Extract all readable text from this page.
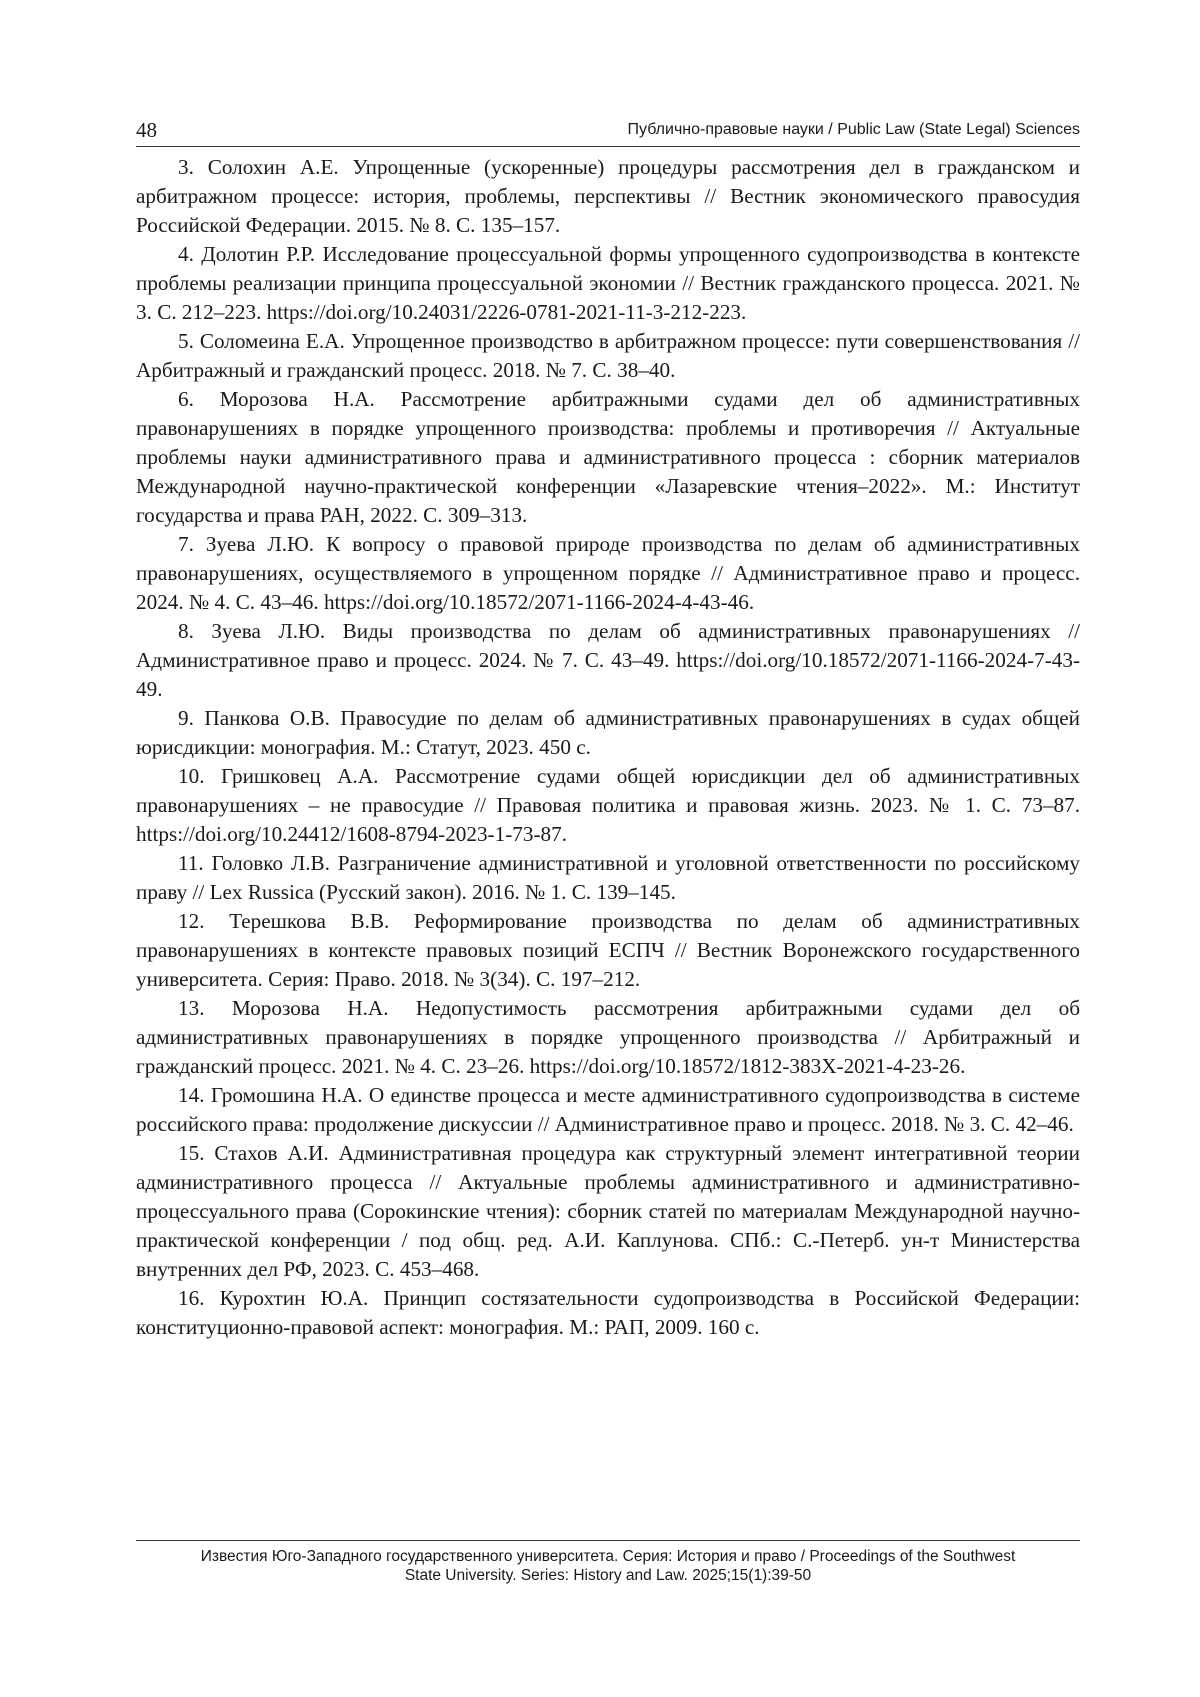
48	Публично-правовые науки / Public Law (State Legal) Sciences

3. Солохин А.Е. Упрощенные (ускоренные) процедуры рассмотрения дел в гражданском и арбитражном процессе: история, проблемы, перспективы // Вестник экономического правосудия Российской Федерации. 2015. № 8. С. 135–157.

4. Долотин Р.Р. Исследование процессуальной формы упрощенного судопроизводства в контексте проблемы реализации принципа процессуальной экономии // Вестник гражданского процесса. 2021. № 3. С. 212–223. https://doi.org/10.24031/2226-0781-2021-11-3-212-223.

5. Соломеина Е.А. Упрощенное производство в арбитражном процессе: пути совершенствования // Арбитражный и гражданский процесс. 2018. № 7. С. 38–40.

6. Морозова Н.А. Рассмотрение арбитражными судами дел об административных правонарушениях в порядке упрощенного производства: проблемы и противоречия // Актуальные проблемы науки административного права и административного процесса : сборник материалов Международной научно-практической конференции «Лазаревские чтения–2022». М.: Институт государства и права РАН, 2022. С. 309–313.

7. Зуева Л.Ю. К вопросу о правовой природе производства по делам об административных правонарушениях, осуществляемого в упрощенном порядке // Административное право и процесс. 2024. № 4. С. 43–46. https://doi.org/10.18572/2071-1166-2024-4-43-46.

8. Зуева Л.Ю. Виды производства по делам об административных правонарушениях // Административное право и процесс. 2024. № 7. С. 43–49. https://doi.org/10.18572/2071-1166-2024-7-43-49.

9. Панкова О.В. Правосудие по делам об административных правонарушениях в судах общей юрисдикции: монография. М.: Статут, 2023. 450 с.

10. Гришковец А.А. Рассмотрение судами общей юрисдикции дел об административных правонарушениях – не правосудие // Правовая политика и правовая жизнь. 2023. № 1. С. 73–87. https://doi.org/10.24412/1608-8794-2023-1-73-87.

11. Головко Л.В. Разграничение административной и уголовной ответственности по российскому праву // Lex Russica (Русский закон). 2016. № 1. С. 139–145.

12. Терешкова В.В. Реформирование производства по делам об административных правонарушениях в контексте правовых позиций ЕСПЧ // Вестник Воронежского государственного университета. Серия: Право. 2018. № 3(34). С. 197–212.

13. Морозова Н.А. Недопустимость рассмотрения арбитражными судами дел об административных правонарушениях в порядке упрощенного производства // Арбитражный и гражданский процесс. 2021. № 4. С. 23–26. https://doi.org/10.18572/1812-383X-2021-4-23-26.

14. Громошина Н.А. О единстве процесса и месте административного судопроизводства в системе российского права: продолжение дискуссии // Административное право и процесс. 2018. № 3. С. 42–46.

15. Стахов А.И. Административная процедура как структурный элемент интегративной теории административного процесса // Актуальные проблемы административного и административно-процессуального права (Сорокинские чтения): сборник статей по материалам Международной научно-практической конференции / под общ. ред. А.И. Каплунова. СПб.: С.-Петерб. ун-т Министерства внутренних дел РФ, 2023. С. 453–468.

16. Курохтин Ю.А. Принцип состязательности судопроизводства в Российской Федерации: конституционно-правовой аспект: монография. М.: РАП, 2009. 160 с.

Известия Юго-Западного государственного университета. Серия: История и право / Proceedings of the Southwest
State University. Series: History and Law. 2025;15(1):39-50
